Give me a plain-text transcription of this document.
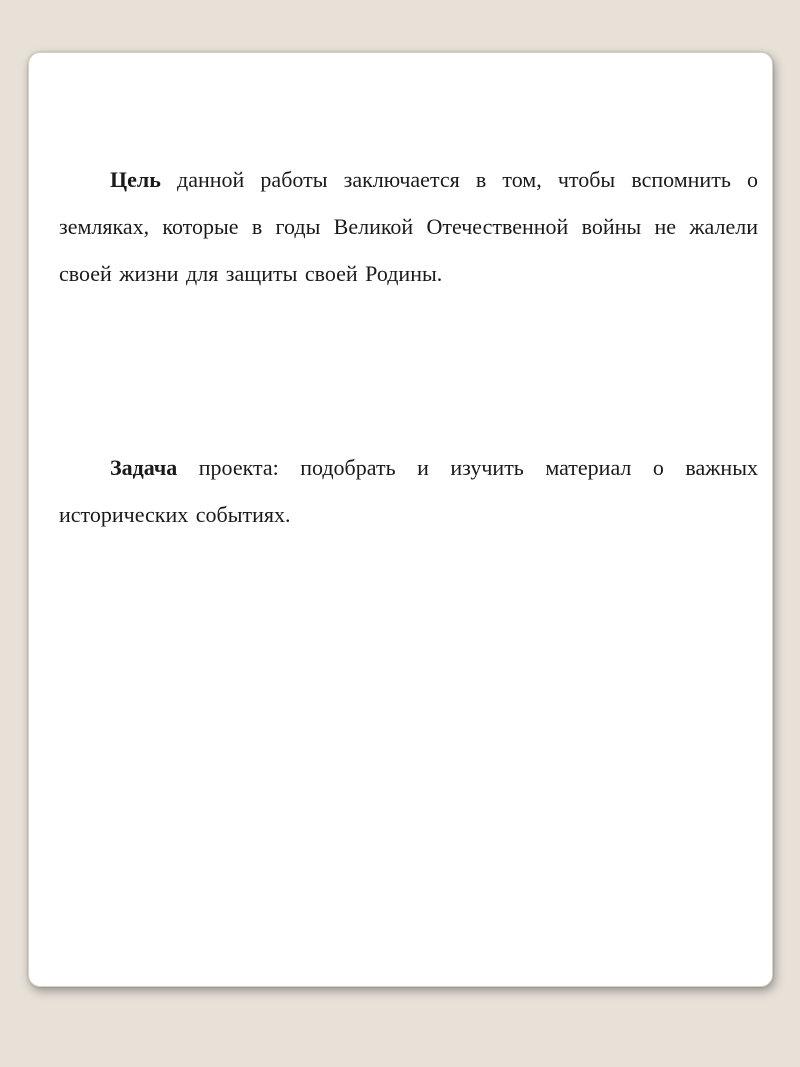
Цель данной работы заключается в том, чтобы вспомнить о земляках, которые в годы Великой Отечественной войны не жалели своей жизни для защиты своей Родины.

Задача проекта: подобрать и изучить материал о важных исторических событиях.
